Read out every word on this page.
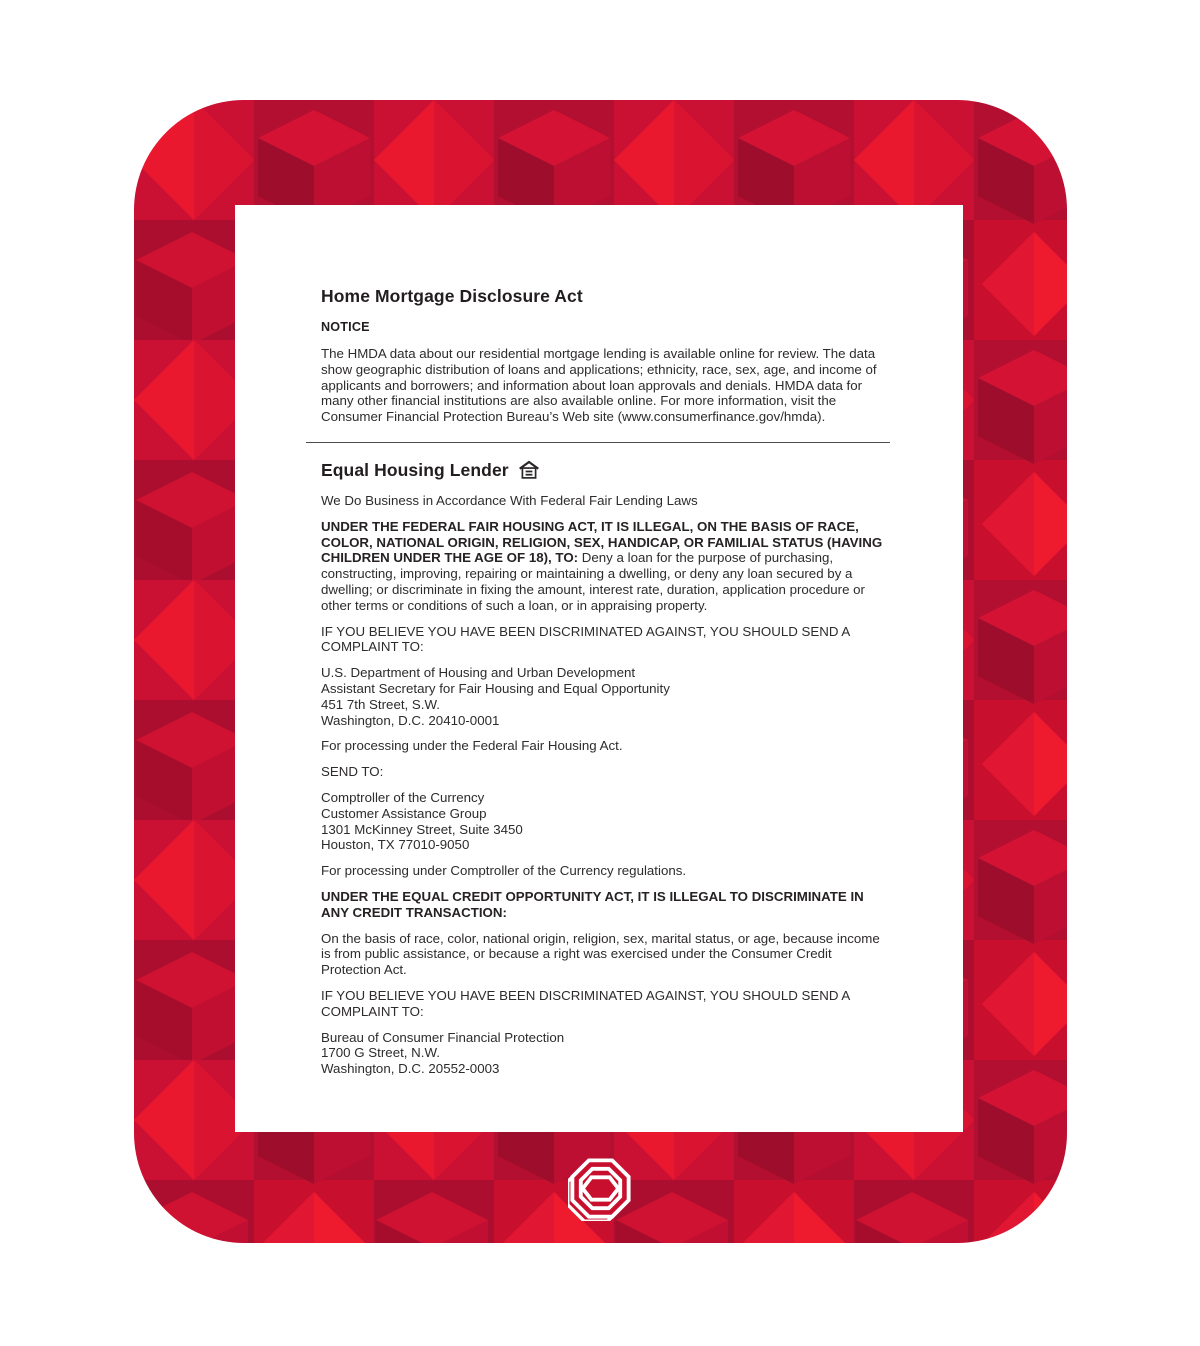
Home Mortgage Disclosure Act
NOTICE

The HMDA data about our residential mortgage lending is available online for review. The data show geographic distribution of loans and applications; ethnicity, race, sex, age, and income of applicants and borrowers; and information about loan approvals and denials. HMDA data for many other financial institutions are also available online. For more information, visit the Consumer Financial Protection Bureau’s Web site (www.consumerfinance.gov/hmda).

Equal Housing Lender

We Do Business in Accordance With Federal Fair Lending Laws

UNDER THE FEDERAL FAIR HOUSING ACT, IT IS ILLEGAL, ON THE BASIS OF RACE, COLOR, NATIONAL ORIGIN, RELIGION, SEX, HANDICAP, OR FAMILIAL STATUS (HAVING CHILDREN UNDER THE AGE OF 18), TO: Deny a loan for the purpose of purchasing, constructing, improving, repairing or maintaining a dwelling, or deny any loan secured by a dwelling; or discriminate in fixing the amount, interest rate, duration, application procedure or other terms or conditions of such a loan, or in appraising property.

IF YOU BELIEVE YOU HAVE BEEN DISCRIMINATED AGAINST, YOU SHOULD SEND A COMPLAINT TO:

U.S. Department of Housing and Urban Development
Assistant Secretary for Fair Housing and Equal Opportunity
451 7th Street, S.W.
Washington, D.C. 20410-0001

For processing under the Federal Fair Housing Act.

SEND TO:

Comptroller of the Currency
Customer Assistance Group
1301 McKinney Street, Suite 3450
Houston, TX 77010-9050

For processing under Comptroller of the Currency regulations.

UNDER THE EQUAL CREDIT OPPORTUNITY ACT, IT IS ILLEGAL TO DISCRIMINATE IN ANY CREDIT TRANSACTION:

On the basis of race, color, national origin, religion, sex, marital status, or age, because income is from public assistance, or because a right was exercised under the Consumer Credit Protection Act.

IF YOU BELIEVE YOU HAVE BEEN DISCRIMINATED AGAINST, YOU SHOULD SEND A COMPLAINT TO:

Bureau of Consumer Financial Protection
1700 G Street, N.W.
Washington, D.C. 20552-0003
